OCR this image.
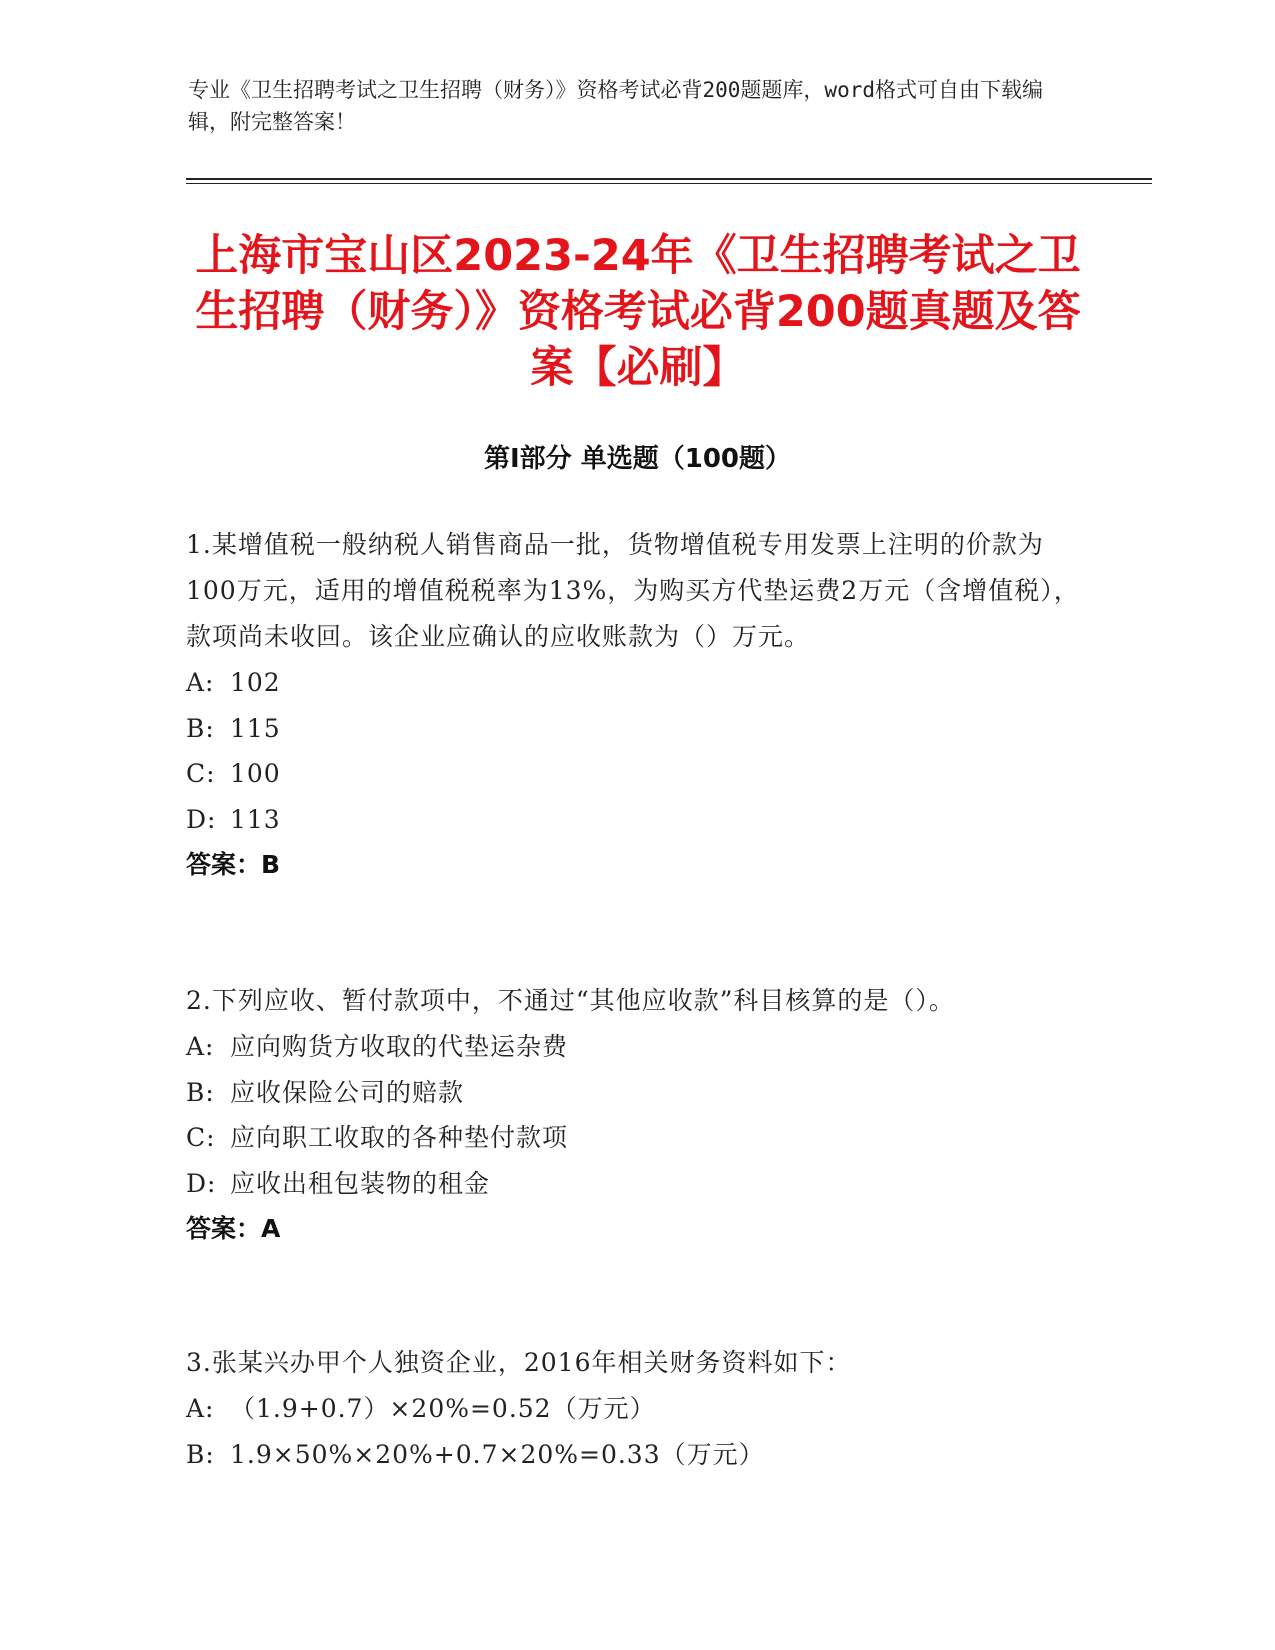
专业《卫生招聘考试之卫生招聘（财务）》资格考试必背200题题库，word格式可自由下载编辑，附完整答案！
上海市宝山区2023-24年《卫生招聘考试之卫生招聘（财务）》资格考试必背200题真题及答案【必刷】
第Ⅰ部分 单选题（100题）
1.某增值税一般纳税人销售商品一批，货物增值税专用发票上注明的价款为100万元，适用的增值税税率为13%，为购买方代垫运费2万元（含增值税），款项尚未收回。该企业应确认的应收账款为（）万元。
A: 102
B: 115
C: 100
D: 113
答案：B
2.下列应收、暂付款项中，不通过“其他应收款”科目核算的是（）。
A: 应向购货方收取的代垫运杂费
B: 应收保险公司的赔款
C: 应向职工收取的各种垫付款项
D: 应收出租包装物的租金
答案：A
3.张某兴办甲个人独资企业，2016年相关财务资料如下：
A: （1.9+0.7）×20%=0.52（万元）
B: 1.9×50%×20%+0.7×20%=0.33（万元）
